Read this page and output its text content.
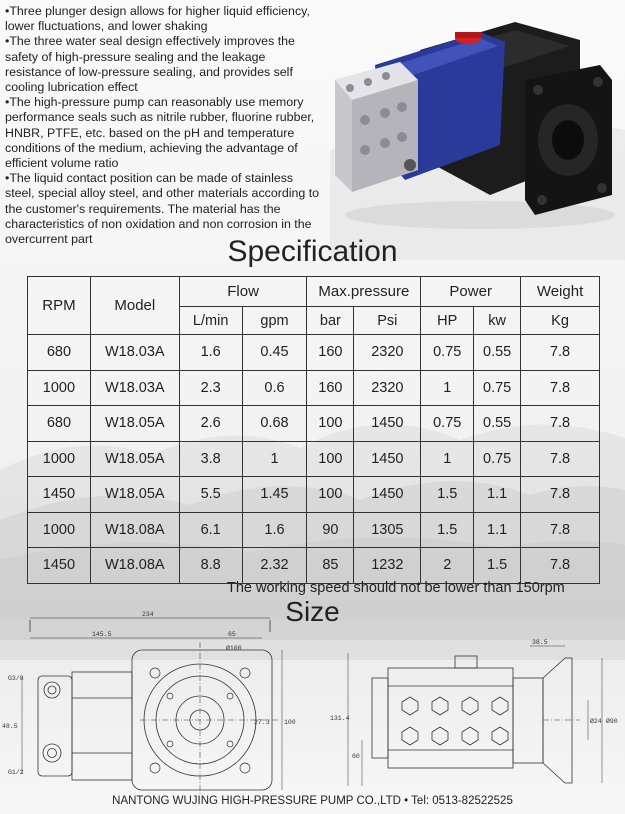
•Three plunger design allows for higher liquid efficiency, lower fluctuations, and lower shaking

•The three water seal design effectively improves the safety of high-pressure sealing and the leakage resistance of low-pressure sealing, and provides self cooling lubrication effect

•The high-pressure pump can reasonably use memory performance seals such as nitrile rubber, fluorine rubber, HNBR, PTFE, etc. based on the pH and temperature conditions of the medium, achieving the advantage of efficient volume ratio

•The liquid contact position can be made of stainless steel, special alloy steel, and other materials according to the customer's requirements. The material has the characteristics of non oxidation and non corrosion in the overcurrent part	Specification
RPM	Model	Flow		Max.pressure		Power		Weight
		L/min	gpm	bar	Psi	HP	kw	Kg
680	W18.03A	1.6	0.45	160	2320	0.75	0.55	7.8
1000	W18.03A	2.3	0.6	160	2320	1	0.75	7.8
680	W18.05A	2.6	0.68	100	1450	0.75	0.55	7.8
1000	W18.05A	3.8	1	100	1450	1	0.75	7.8
1450	W18.05A	5.5	1.45	100	1450	1.5	1.1	7.8
1000	W18.08A	6.1	1.6	90	1305	1.5	1.1	7.8
1450	W18.08A	8.8	2.32	85	1232	2	1.5	7.8
The working speed should not be lower than 150rpm
Size
234
145.5	65
Ø100
27.3 100
48.5
G3/8
G1/2
38.5
131.4
60
Ø24 Ø90
NANTONG WUJING HIGH-PRESSURE PUMP CO.,LTD • Tel: 0513-82522525
